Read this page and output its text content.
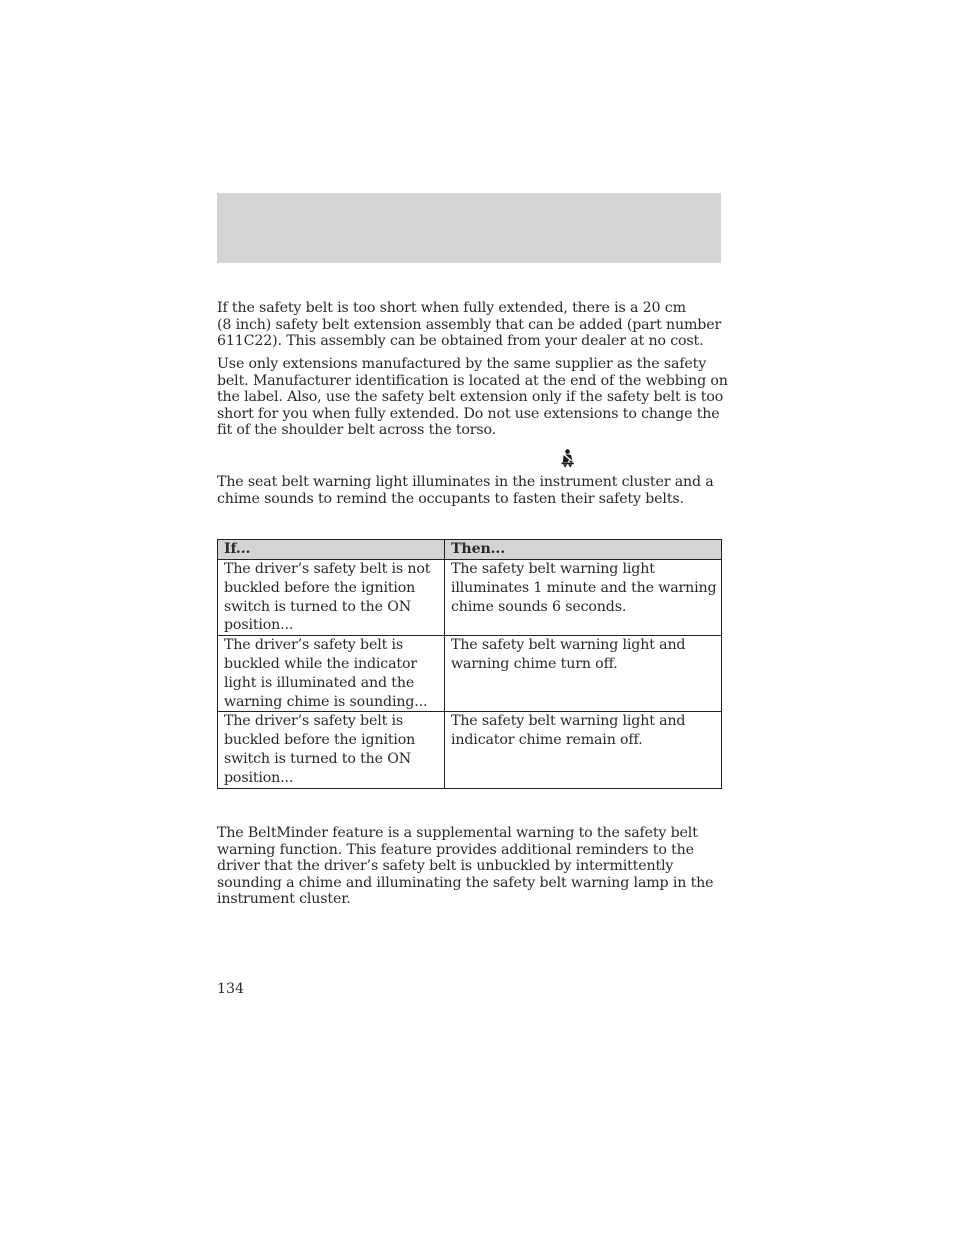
If the safety belt is too short when fully extended, there is a 20 cm
(8 inch) safety belt extension assembly that can be added (part number
611C22). This assembly can be obtained from your dealer at no cost.

Use only extensions manufactured by the same supplier as the safety
belt. Manufacturer identification is located at the end of the webbing on
the label. Also, use the safety belt extension only if the safety belt is too
short for you when fully extended. Do not use extensions to change the
fit of the shoulder belt across the torso.

The seat belt warning light illuminates in the instrument cluster and a
chime sounds to remind the occupants to fasten their safety belts.

If...	Then...

The driver’s safety belt is not
buckled before the ignition
switch is turned to the ON
position...	The safety belt warning light
illuminates 1 minute and the warning
chime sounds 6 seconds.

The driver’s safety belt is
buckled while the indicator
light is illuminated and the
warning chime is sounding...	The safety belt warning light and
warning chime turn off.

The driver’s safety belt is
buckled before the ignition
switch is turned to the ON
position...	The safety belt warning light and
indicator chime remain off.

The BeltMinder feature is a supplemental warning to the safety belt
warning function. This feature provides additional reminders to the
driver that the driver’s safety belt is unbuckled by intermittently
sounding a chime and illuminating the safety belt warning lamp in the
instrument cluster.

134
